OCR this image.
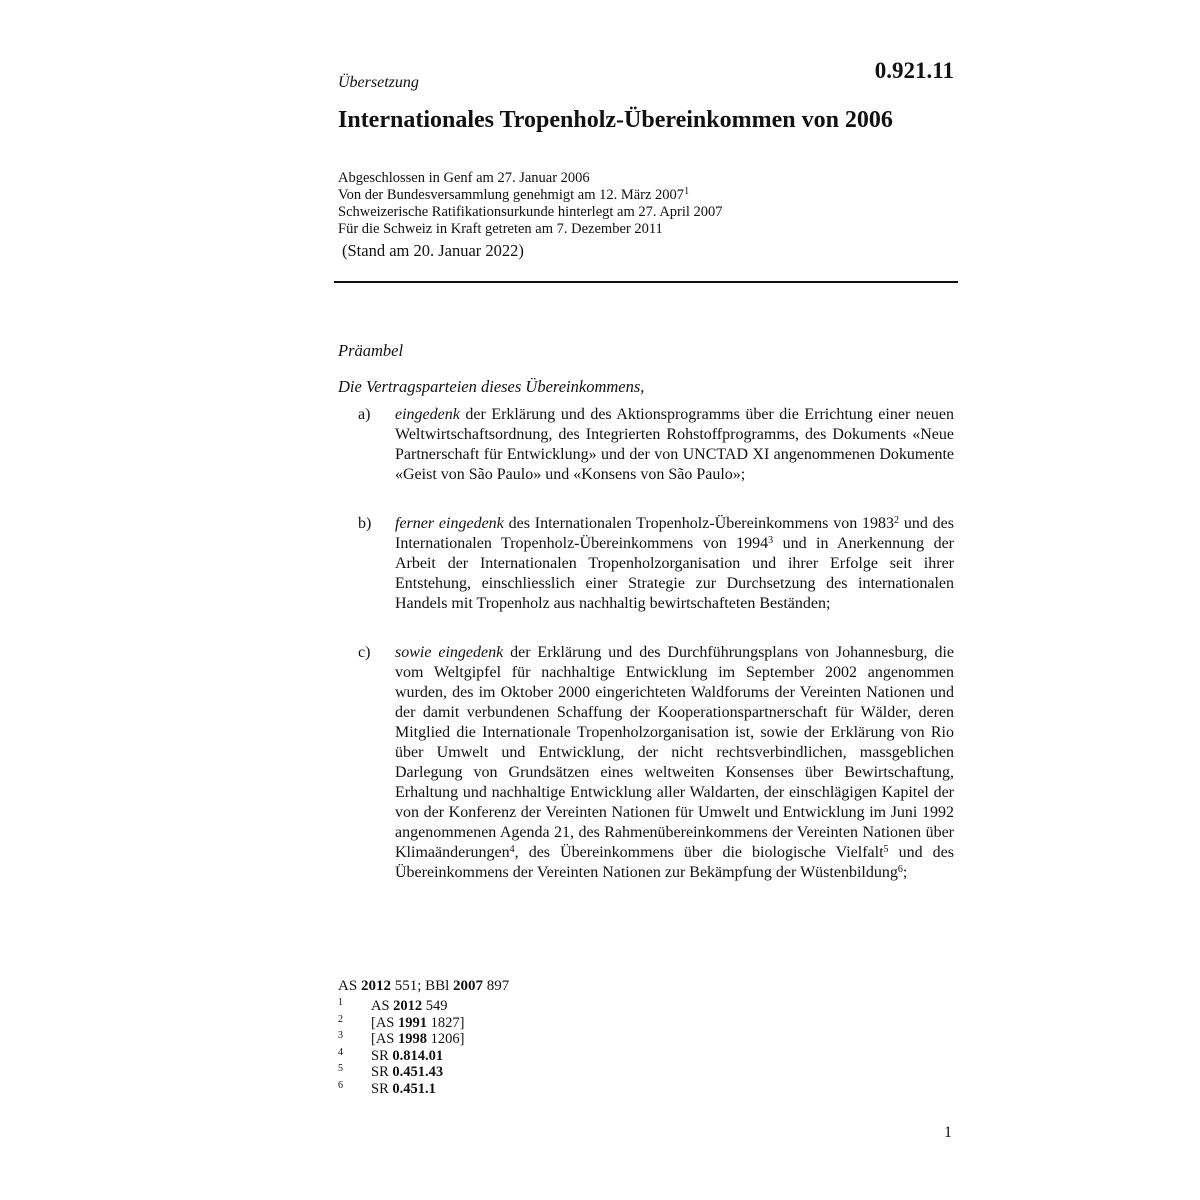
0.921.11
Übersetzung
Internationales Tropenholz-Übereinkommen von 2006
Abgeschlossen in Genf am 27. Januar 2006
Von der Bundesversammlung genehmigt am 12. März 2007$^1$
Schweizerische Ratifikationsurkunde hinterlegt am 27. April 2007
Für die Schweiz in Kraft getreten am 7. Dezember 2011
(Stand am 20. Januar 2022)
Präambel
Die Vertragsparteien dieses Übereinkommens,
a) eingedenk der Erklärung und des Aktionsprogramms über die Errichtung einer neuen Weltwirtschaftsordnung, des Integrierten Rohstoffprogramms, des Dokuments «Neue Partnerschaft für Entwicklung» und der von UNCTAD XI angenommenen Dokumente «Geist von São Paulo» und «Konsens von São Paulo»;
b) ferner eingedenk des Internationalen Tropenholz-Übereinkommens von 1983$^2$ und des Internationalen Tropenholz-Übereinkommens von 1994$^3$ und in Anerkennung der Arbeit der Internationalen Tropenholzorganisation und ihrer Erfolge seit ihrer Entstehung, einschliesslich einer Strategie zur Durchsetzung des internationalen Handels mit Tropenholz aus nachhaltig bewirtschafteten Beständen;
c) sowie eingedenk der Erklärung und des Durchführungsplans von Johannesburg, die vom Weltgipfel für nachhaltige Entwicklung im September 2002 angenommen wurden, des im Oktober 2000 eingerichteten Waldforums der Vereinten Nationen und der damit verbundenen Schaffung der Kooperationspartnerschaft für Wälder, deren Mitglied die Internationale Tropenholzorganisation ist, sowie der Erklärung von Rio über Umwelt und Entwicklung, der nicht rechtsverbindlichen, massgeblichen Darlegung von Grundsätzen eines weltweiten Konsenses über Bewirtschaftung, Erhaltung und nachhaltige Entwicklung aller Waldarten, der einschlägigen Kapitel der von der Konferenz der Vereinten Nationen für Umwelt und Entwicklung im Juni 1992 angenommenen Agenda 21, des Rahmenübereinkommens der Vereinten Nationen über Klimaänderungen$^4$, des Übereinkommens über die biologische Vielfalt$^5$ und des Übereinkommens der Vereinten Nationen zur Bekämpfung der Wüstenbildung$^6$;
AS 2012 551; BBl 2007 897
1 AS 2012 549
2 [AS 1991 1827]
3 [AS 1998 1206]
4 SR 0.814.01
5 SR 0.451.43
6 SR 0.451.1
1
